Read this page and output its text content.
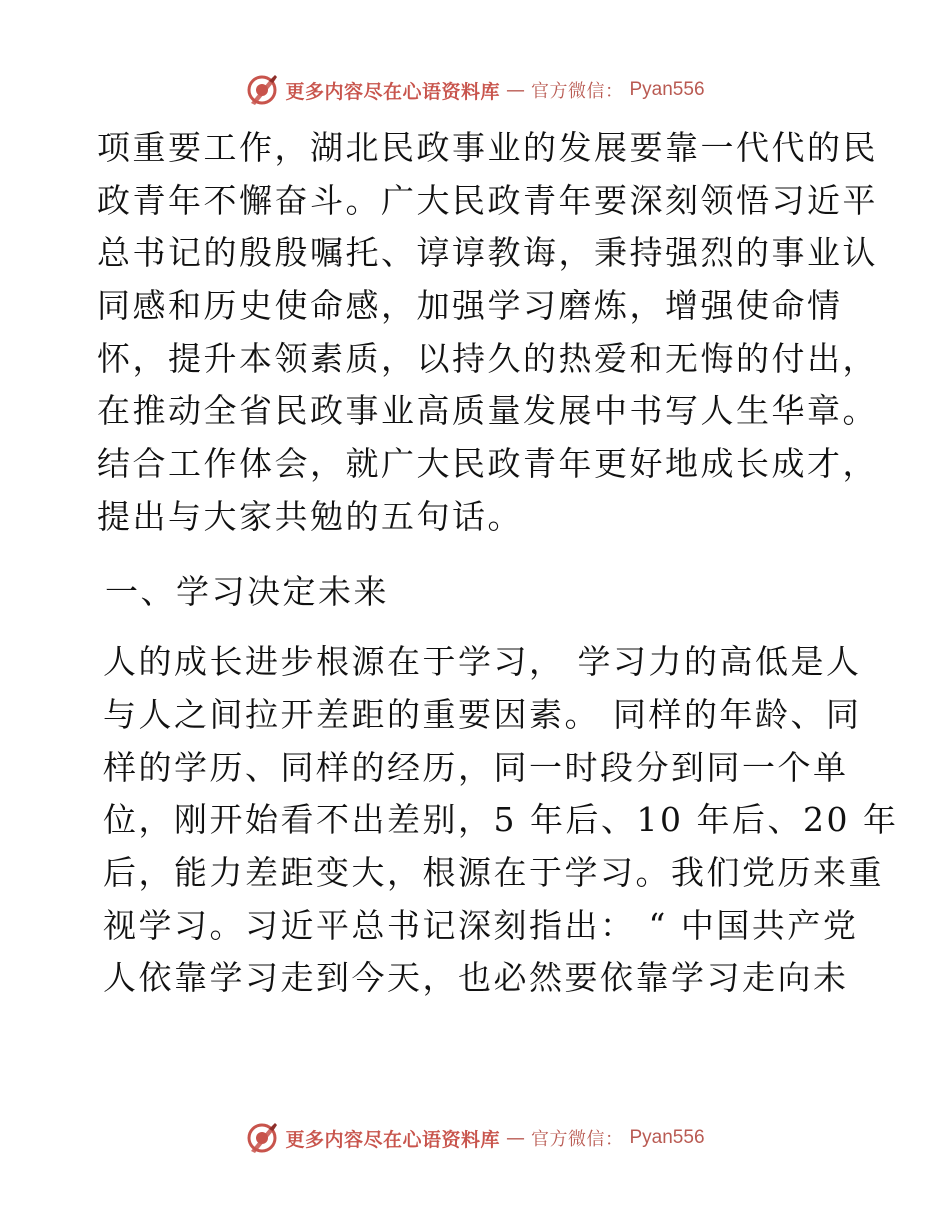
更多内容尽在心语资料库 — 官方微信： Pyan556
项重要工作，湖北民政事业的发展要靠一代代的民
政青年不懈奋斗。广大民政青年要深刻领悟习近平
总书记的殷殷嘱托、谆谆教诲，秉持强烈的事业认
同感和历史使命感，加强学习磨炼，增强使命情
怀，提升本领素质，以持久的热爱和无悔的付出，
在推动全省民政事业高质量发展中书写人生华章。
结合工作体会，就广大民政青年更好地成长成才，
提出与大家共勉的五句话。
一、学习决定未来
人的成长进步根源在于学习， 学习力的高低是人
与人之间拉开差距的重要因素。 同样的年龄、同
样的学历、同样的经历，同一时段分到同一个单
位，刚开始看不出差别，5 年后、10 年后、20 年
后，能力差距变大，根源在于学习。我们党历来重
视学习。习近平总书记深刻指出： “ 中国共产党
人依靠学习走到今天，也必然要依靠学习走向未
更多内容尽在心语资料库 — 官方微信： Pyan556
